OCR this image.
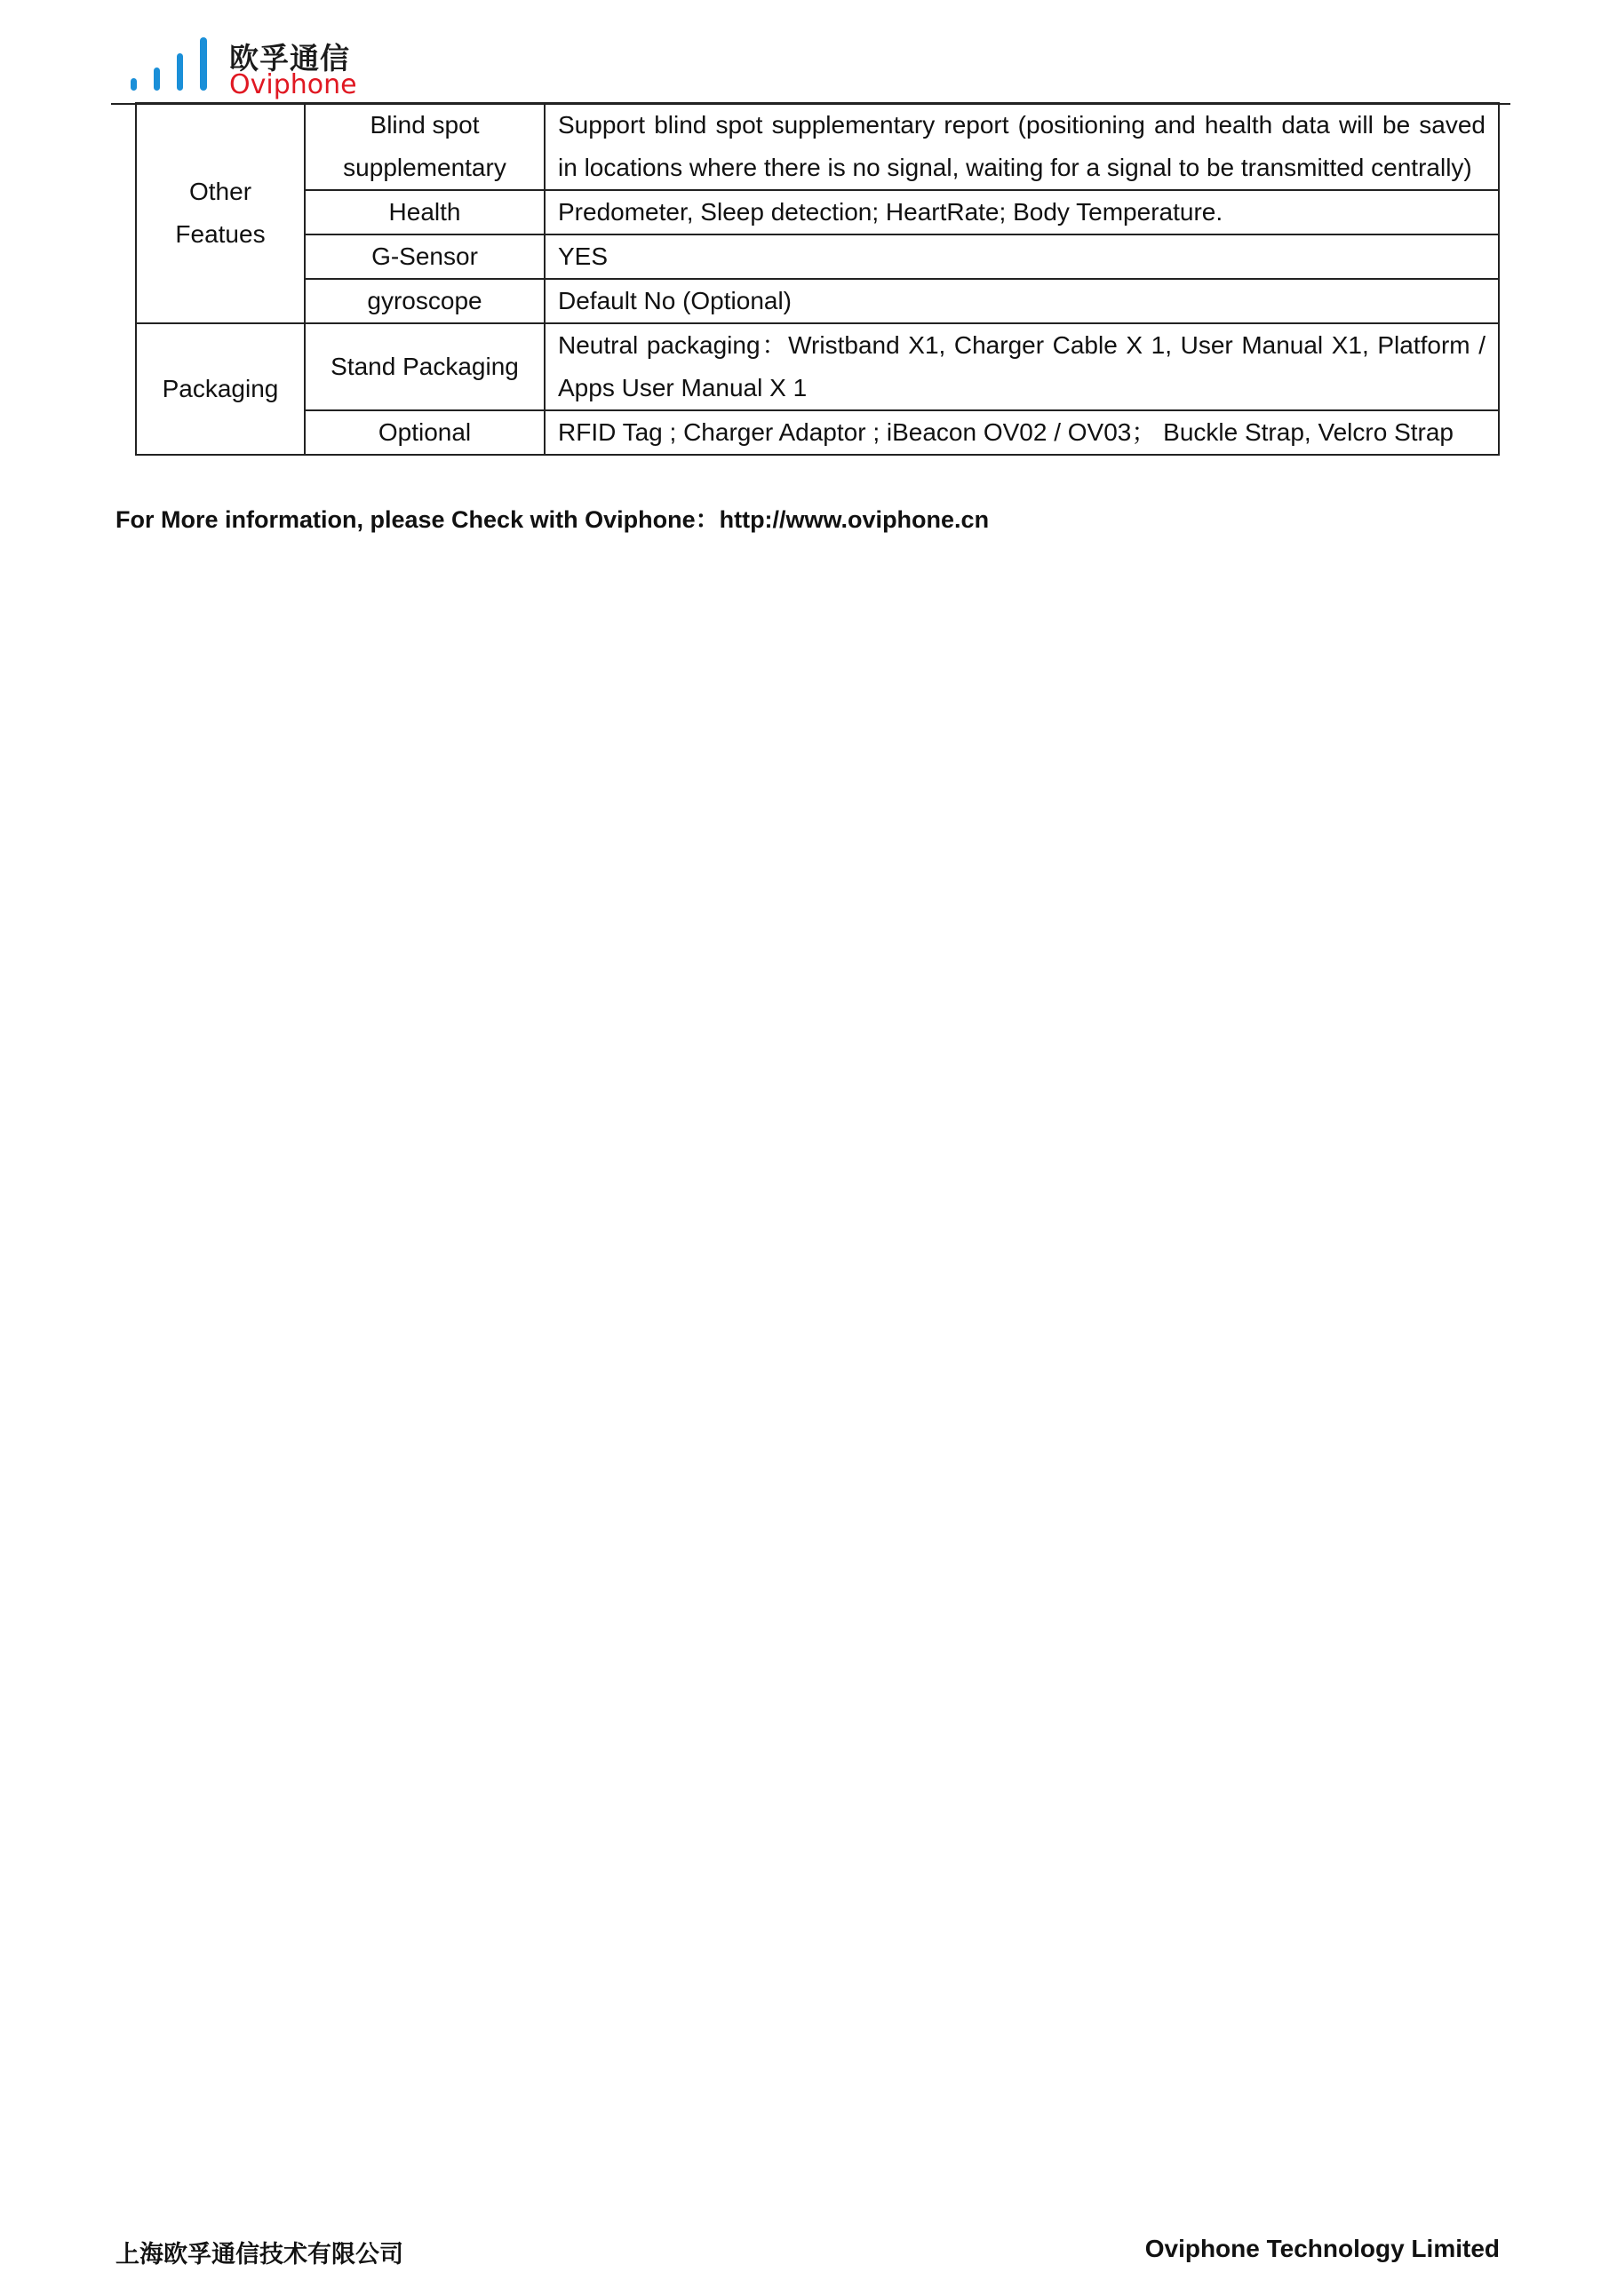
欧孚通信
Oviphone
Other Featues	Blind spot supplementary	Support blind spot supplementary report (positioning and health data will be saved in locations where there is no signal, waiting for a signal to be transmitted centrally)
	Health	Predometer, Sleep detection; HeartRate; Body Temperature.
	G-Sensor	YES
	gyroscope	Default No (Optional)
Packaging	Stand Packaging	Neutral packaging：Wristband X1, Charger Cable X 1, User Manual X1, Platform / Apps User Manual X 1
	Optional	RFID Tag ; Charger Adaptor ; iBeacon OV02 / OV03； Buckle Strap, Velcro Strap
For More information, please Check with Oviphone：http://www.oviphone.cn
上海欧孚通信技术有限公司	Oviphone Technology Limited
